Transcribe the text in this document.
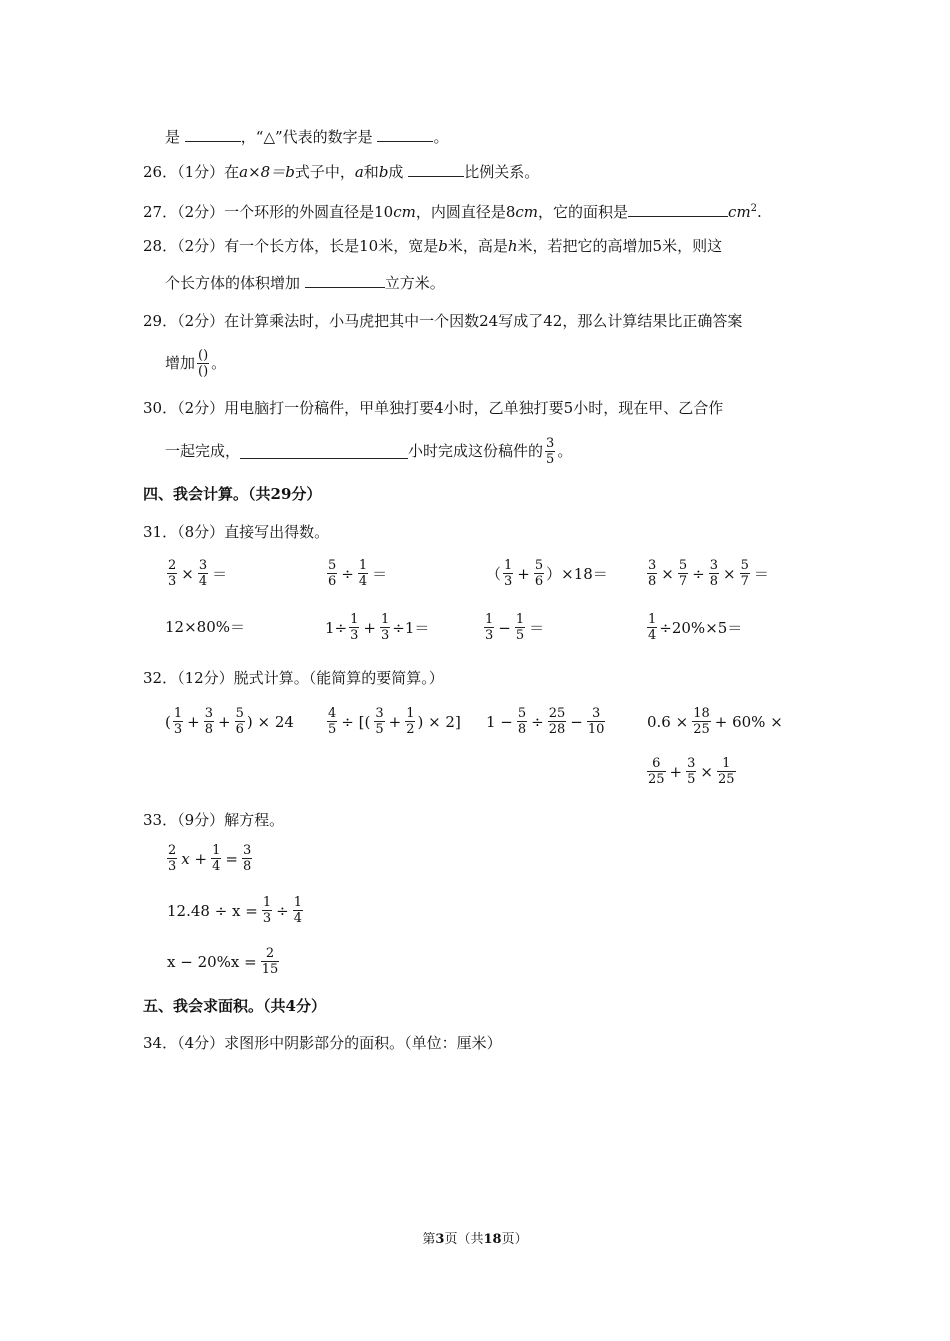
是	，“△”代表的数字是	。
26．（1分）在a×8＝b式子中，a和b成	比例关系。
27．（2分）一个环形的外圆直径是10cm，内圆直径是8cm，它的面积是	$cm^2$.
28．（2分）有一个长方体，长是10米，宽是b米，高是h米，若把它的高增加5米，则这
个长方体的体积增加	立方米。
29．（2分）在计算乘法时，小马虎把其中一个因数24写成了42，那么计算结果比正确答案
增加 $\frac{()}{()}$ 。
30．（2分）用电脑打一份稿件，甲单独打要4小时，乙单独打要5小时，现在甲、乙合作
一起完成，	小时完成这份稿件的 $\frac{3}{5}$ 。
四、我会计算。（共29分）
31．（8分）直接写出得数。
$\frac{2}{3} \times \frac{3}{4}$ ＝	$\frac{5}{6} \div \frac{1}{4}$ ＝	（ $\frac{1}{3} + \frac{5}{6} )\times 18=$	$\frac{3}{8} \times \frac{5}{7} \div \frac{3}{8} \times \frac{5}{7}$ ＝
12×80%＝	$1\div \frac{1}{3} + \frac{1}{3} \div 1=$	$\frac{1}{3} - \frac{1}{5}$ ＝	$\frac{1}{4} \div 20\%\times 5=$
32．（12分）脱式计算。（能简算的要简算。）
( $\frac{1}{3} + \frac{3}{8} + \frac{5}{6}$ ) × 24	$\frac{4}{5}$ ÷ [( $\frac{3}{5} + \frac{1}{2}$ ) × 2] $1 - \frac{5}{8} \div \frac{25}{28} - \frac{3}{10}$	$0.6 \times \frac{18}{25} + 60\%$ ×
$\frac{6}{25} + \frac{3}{5} \times \frac{1}{25}$
33．（9分）解方程。
$\frac{2}{3}$ $x + \frac{1}{4} = \frac{3}{8}$
$12.48 \div x = \frac{1}{3} \div \frac{1}{4}$
$x - 20\%x = \frac{2}{15}$
五、我会求面积。（共4分）
34．（4分）求图形中阴影部分的面积。（单位：厘米）
第3页（共18页）
